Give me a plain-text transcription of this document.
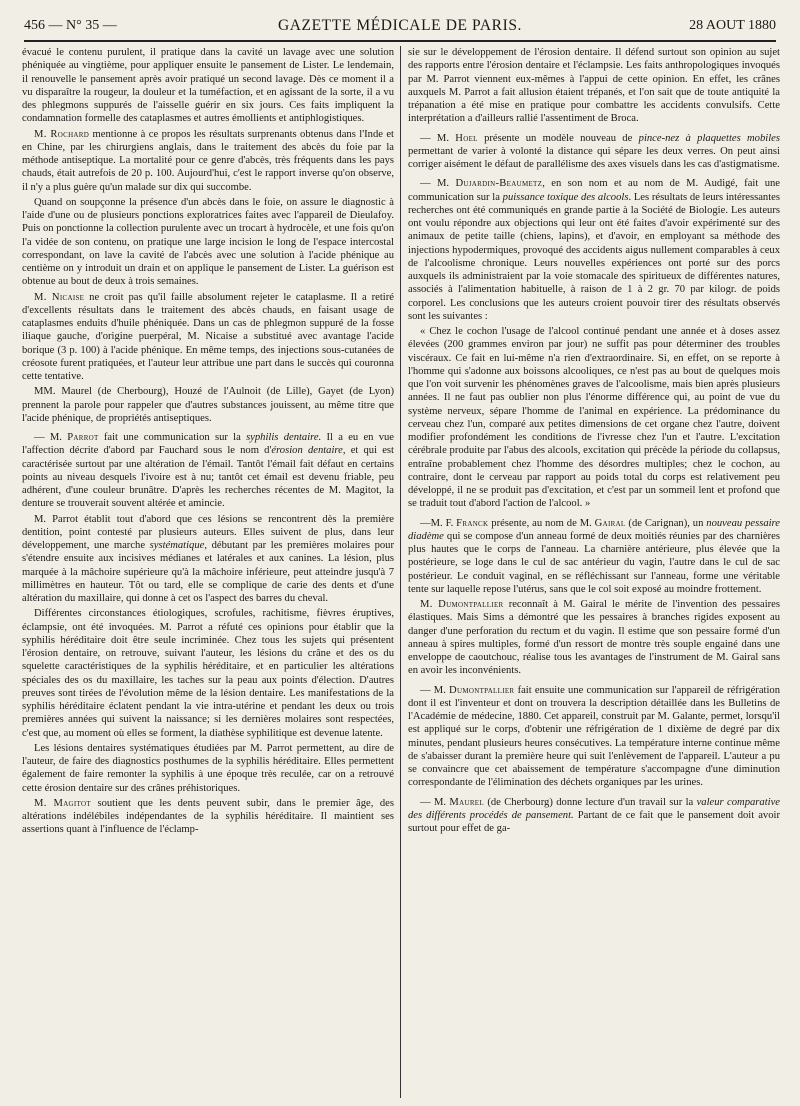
456 — N° 35 —	GAZETTE MÉDICALE DE PARIS.	28 AOUT 1880

évacué le contenu purulent, il pratique dans la cavité un lavage avec une solution phéniquée au vingtième, pour appliquer ensuite le pansement de Lister. Le lendemain, il renouvelle le pansement après avoir pratiqué un second lavage. Dès ce moment il a vu disparaître la rougeur, la douleur et la tuméfaction, et en agissant de la sorte, il a vu des phlegmons suppurés de l'aisselle guérir en six jours. Ces faits impliquent la condamnation formelle des cataplasmes et autres émollients et antiphlogistiques.

M. Rochard mentionne à ce propos les résultats surprenants obtenus dans l'Inde et en Chine, par les chirurgiens anglais, dans le traitement des abcès du foie par la méthode antiseptique. La mortalité pour ce genre d'abcès, très fréquents dans les pays chauds, était autrefois de 20 p. 100. Aujourd'hui, c'est le rapport inverse qu'on observe, il n'y a plus guère qu'un malade sur dix qui succombe.

Quand on soupçonne la présence d'un abcès dans le foie, on assure le diagnostic à l'aide d'une ou de plusieurs ponctions exploratrices faites avec l'appareil de Dieulafoy. Puis on ponctionne la collection purulente avec un trocart à hydrocèle, et une fois qu'on l'a vidée de son contenu, on pratique une large incision le long de l'espace intercostal correspondant, on lave la cavité de l'abcès avec une solution à l'acide phénique au centième on y introduit un drain et on applique le pansement de Lister. La guérison est obtenue au bout de deux à trois semaines.

M. Nicaise ne croit pas qu'il faille absolument rejeter le cataplasme. Il a retiré d'excellents résultats dans le traitement des abcès chauds, en faisant usage de cataplasmes enduits d'huile phéniquée. Dans un cas de phlegmon suppuré de la fosse iliaque gauche, d'origine puerpéral, M. Nicaise a substitué avec avantage l'acide borique (3 p. 100) à l'acide phénique. En même temps, des injections sous-cutanées de créosote furent pratiquées, et l'auteur leur attribue une part dans le succès qui couronna cette tentative.

MM. Maurel (de Cherbourg), Houzé de l'Aulnoit (de Lille), Gayet (de Lyon) prennent la parole pour rappeler que d'autres substances jouissent, au même titre que l'acide phénique, de propriétés antiseptiques.

— M. Parrot fait une communication sur la syphilis dentaire. Il a eu en vue l'affection décrite d'abord par Fauchard sous le nom d'érosion dentaire, et qui est caractérisée surtout par une altération de l'émail. Tantôt l'émail fait défaut en certains points au niveau desquels l'ivoire est à nu; tantôt cet émail est devenu friable, peu adhérent, d'une couleur brunâtre. D'après les recherches récentes de M. Magitot, la denture se trouverait souvent altérée et amincie.

M. Parrot établit tout d'abord que ces lésions se rencontrent dès la première dentition, point contesté par plusieurs auteurs. Elles suivent de plus, dans leur développement, une marche systématique, débutant par les premières molaires pour s'étendre ensuite aux incisives médianes et latérales et aux canines. La lésion, plus marquée à la mâchoire supérieure qu'à la mâchoire inférieure, peut atteindre jusqu'à 7 millimètres en hauteur. Tôt ou tard, elle se complique de carie des dents et d'une altération du maxillaire, qui donne à cet os l'aspect des barres du cheval.

Différentes circonstances étiologiques, scrofules, rachitisme, fièvres éruptives, éclampsie, ont été invoquées. M. Parrot a réfuté ces opinions pour établir que la syphilis héréditaire doit être seule incriminée. Chez tous les sujets qui présentent l'érosion dentaire, on retrouve, suivant l'auteur, les lésions du crâne et des os du squelette caractéristiques de la syphilis héréditaire, et en particulier les altérations spéciales des os du maxillaire, les taches sur la peau aux points d'élection. D'autres preuves sont tirées de l'évolution même de la lésion dentaire. Les manifestations de la syphilis héréditaire éclatent pendant la vie intra-utérine et pendant les deux ou trois premières années qui suivent la naissance; si les dernières molaires sont respectées, c'est que, au moment où elles se forment, la diathèse syphilitique est devenue latente.

Les lésions dentaires systématiques étudiées par M. Parrot permettent, au dire de l'auteur, de faire des diagnostics posthumes de la syphilis héréditaire. Elles permettent également de faire remonter la syphilis à une époque très reculée, car on a retrouvé cette érosion dentaire sur des crânes préhistoriques.

M. Magitot soutient que les dents peuvent subir, dans le premier âge, des altérations indélébiles indépendantes de la syphilis héréditaire. Il maintient ses assertions quant à l'influence de l'éclamp-

sie sur le développement de l'érosion dentaire. Il défend surtout son opinion au sujet des rapports entre l'érosion dentaire et l'éclampsie. Les faits anthropologiques invoqués par M. Parrot viennent eux-mêmes à l'appui de cette opinion. En effet, les crânes auxquels M. Parrot a fait allusion étaient trépanés, et l'on sait que de toute antiquité la trépanation a été mise en pratique pour combattre les accidents convulsifs. Cette interprétation a d'ailleurs rallié l'assentiment de Broca.

— M. Hoel présente un modèle nouveau de pince-nez à plaquettes mobiles permettant de varier à volonté la distance qui sépare les deux verres. On peut ainsi corriger aisément le défaut de parallélisme des axes visuels dans les cas d'astigmatisme.

— M. Dujardin-Beaumetz, en son nom et au nom de M. Audigé, fait une communication sur la puissance toxique des alcools. Les résultats de leurs intéressantes recherches ont été communiqués en grande partie à la Société de Biologie. Les auteurs ont voulu répondre aux objections qui leur ont été faites d'avoir expérimenté sur des animaux de petite taille (chiens, lapins), et d'avoir, en employant sa méthode des injections hypodermiques, provoqué des accidents aigus nullement comparables à ceux de l'alcoolisme chronique. Leurs nouvelles expériences ont porté sur des porcs auxquels ils administraient par la voie stomacale des spiritueux de différentes natures, associés à l'alimentation habituelle, à raison de 1 à 2 gr. 70 par kilogr. de poids corporel. Les conclusions que les auteurs croient pouvoir tirer des résultats observés sont les suivantes :

« Chez le cochon l'usage de l'alcool continué pendant une année et à doses assez élevées (200 grammes environ par jour) ne suffit pas pour déterminer des troubles viscéraux. Ce fait en lui-même n'a rien d'extraordinaire. Si, en effet, on se reporte à l'homme qui s'adonne aux boissons alcooliques, ce n'est pas au bout de quelques mois que l'on voit survenir les phénomènes graves de l'alcoolisme, mais bien après plusieurs années. Il ne faut pas oublier non plus l'énorme différence qui, au point de vue du système nerveux, sépare l'homme de l'animal en expérience. La prédominance du cerveau chez l'un, comparé aux petites dimensions de cet organe chez l'autre, doivent modifier profondément les conditions de l'ivresse chez l'un et l'autre. L'excitation cérébrale produite par l'abus des alcools, excitation qui précède la période du collapsus, entraîne probablement chez l'homme des désordres multiples; chez le cochon, au contraire, dont le cerveau par rapport au poids total du corps est relativement peu développé, il ne se produit pas d'excitation, et c'est par un sommeil lent et profond que se traduit tout d'abord l'action de l'alcool. »

—M. F. Franck présente, au nom de M. Gairal (de Carignan), un nouveau pessaire diadème qui se compose d'un anneau formé de deux moitiés réunies par des charnières plus hautes que le corps de l'anneau. La charnière antérieure, plus élevée que la postérieure, se loge dans le cul de sac antérieur du vagin, l'autre dans le cul de sac postérieur. Le conduit vaginal, en se réfléchissant sur l'anneau, forme une véritable tente sur laquelle repose l'utérus, sans que le col soit exposé au moindre frottement.

M. Dumontpallier reconnaît à M. Gairal le mérite de l'invention des pessaires élastiques. Mais Sims a démontré que les pessaires à branches rigides exposent au danger d'une perforation du rectum et du vagin. Il estime que son pessaire formé d'un anneau à spires multiples, formé d'un ressort de montre très souple engainé dans une enveloppe de caoutchouc, réalise tous les avantages de l'instrument de M. Gairal sans en avoir les inconvénients.

— M. Dumontpallier fait ensuite une communication sur l'appareil de réfrigération dont il est l'inventeur et dont on trouvera la description détaillée dans les Bulletins de l'Académie de médecine, 1880. Cet appareil, construit par M. Galante, permet, lorsqu'il est appliqué sur le corps, d'obtenir une réfrigération de 1 dixième de degré par dix minutes, pendant plusieurs heures consécutives. La température interne continue même de s'abaisser durant la première heure qui suit l'enlèvement de l'appareil. L'auteur a pu se convaincre que cet abaissement de température s'accompagne d'une diminution correspondante de l'élimination des déchets organiques par les urines.

— M. Maurel (de Cherbourg) donne lecture d'un travail sur la valeur comparative des différents procédés de pansement. Partant de ce fait que le pansement doit avoir surtout pour effet de ga-
